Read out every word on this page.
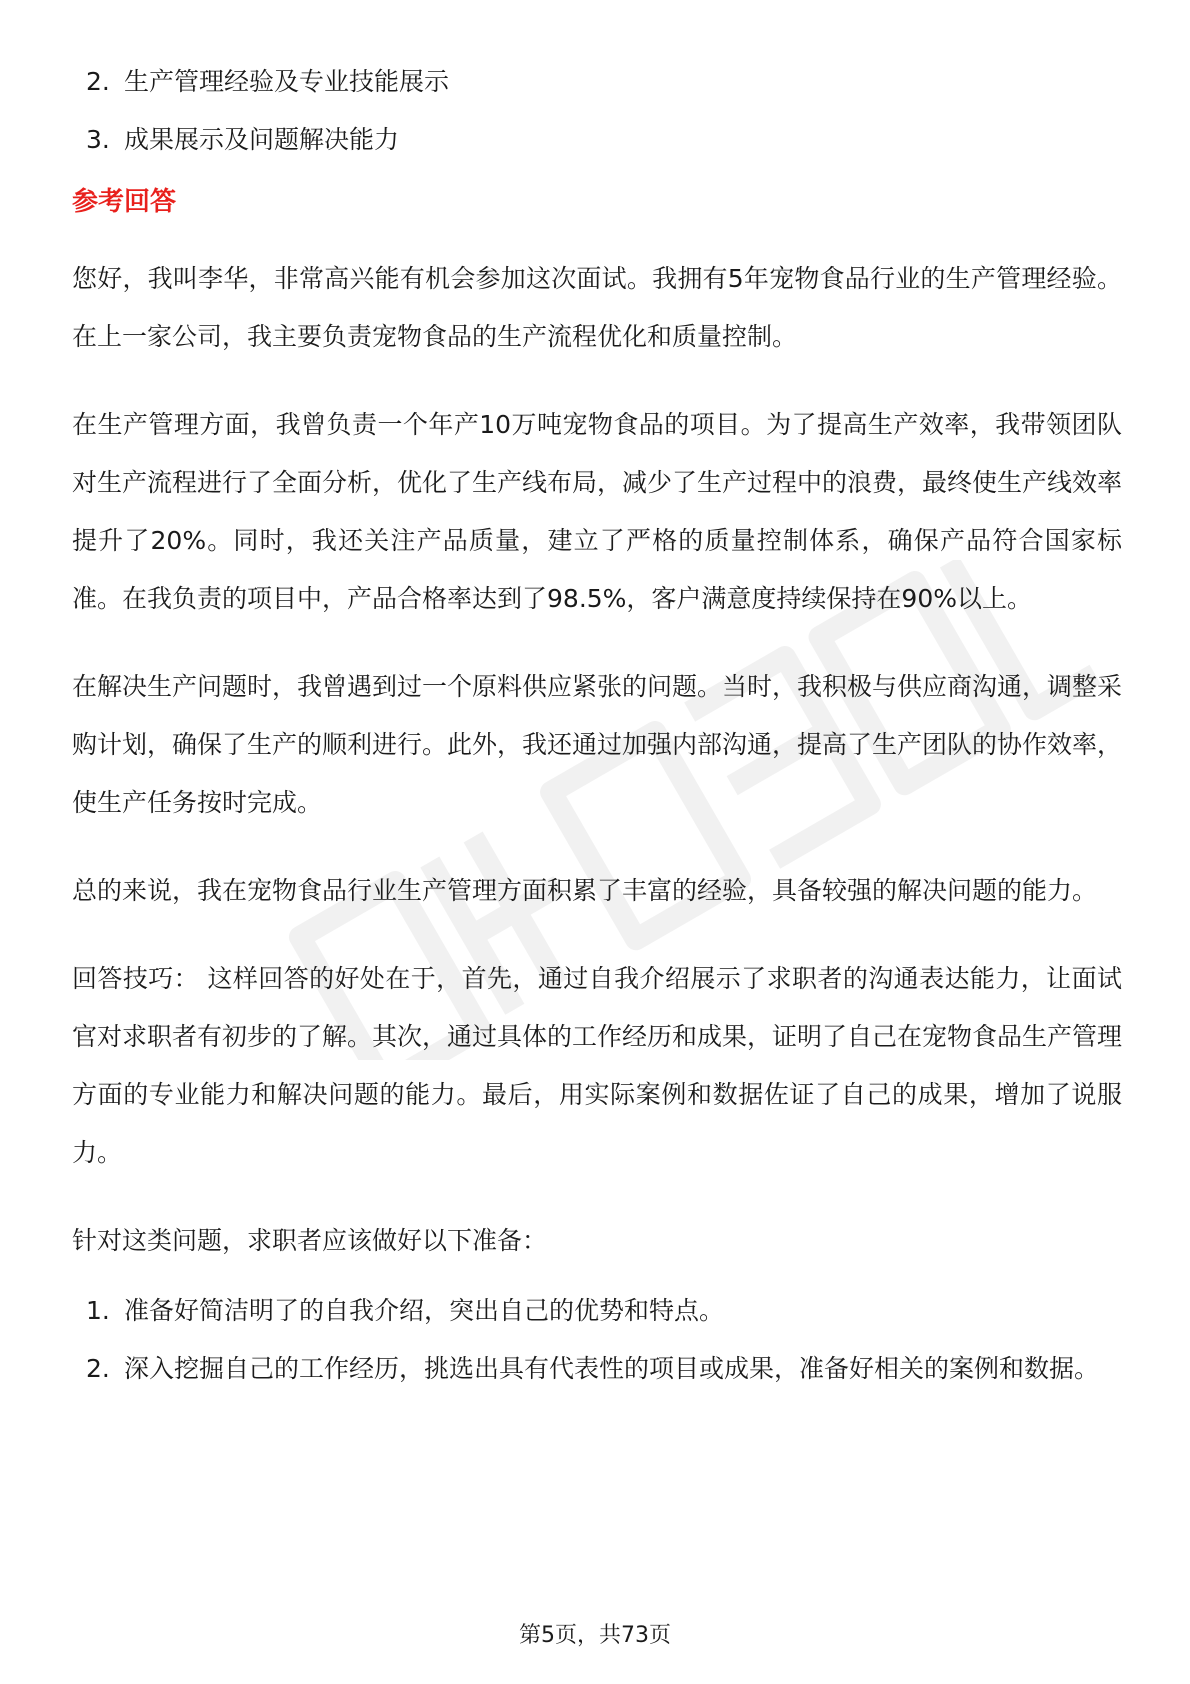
2. 生产管理经验及专业技能展示
3. 成果展示及问题解决能力
参考回答

您好，我叫李华，非常高兴能有机会参加这次面试。我拥有5年宠物食品行业的生产管理经验。在上一家公司，我主要负责宠物食品的生产流程优化和质量控制。

在生产管理方面，我曾负责一个年产10万吨宠物食品的项目。为了提高生产效率，我带领团队对生产流程进行了全面分析，优化了生产线布局，减少了生产过程中的浪费，最终使生产线效率提升了20%。同时，我还关注产品质量，建立了严格的质量控制体系，确保产品符合国家标准。在我负责的项目中，产品合格率达到了98.5%，客户满意度持续保持在90%以上。

在解决生产问题时，我曾遇到过一个原料供应紧张的问题。当时，我积极与供应商沟通，调整采购计划，确保了生产的顺利进行。此外，我还通过加强内部沟通，提高了生产团队的协作效率，使生产任务按时完成。

总的来说，我在宠物食品行业生产管理方面积累了丰富的经验，具备较强的解决问题的能力。

回答技巧： 这样回答的好处在于，首先，通过自我介绍展示了求职者的沟通表达能力，让面试官对求职者有初步的了解。其次，通过具体的工作经历和成果，证明了自己在宠物食品生产管理方面的专业能力和解决问题的能力。最后，用实际案例和数据佐证了自己的成果，增加了说服力。

针对这类问题，求职者应该做好以下准备：

1. 准备好简洁明了的自我介绍，突出自己的优势和特点。
2. 深入挖掘自己的工作经历，挑选出具有代表性的项目或成果，准备好相关的案例和数据。
第5页，共73页
